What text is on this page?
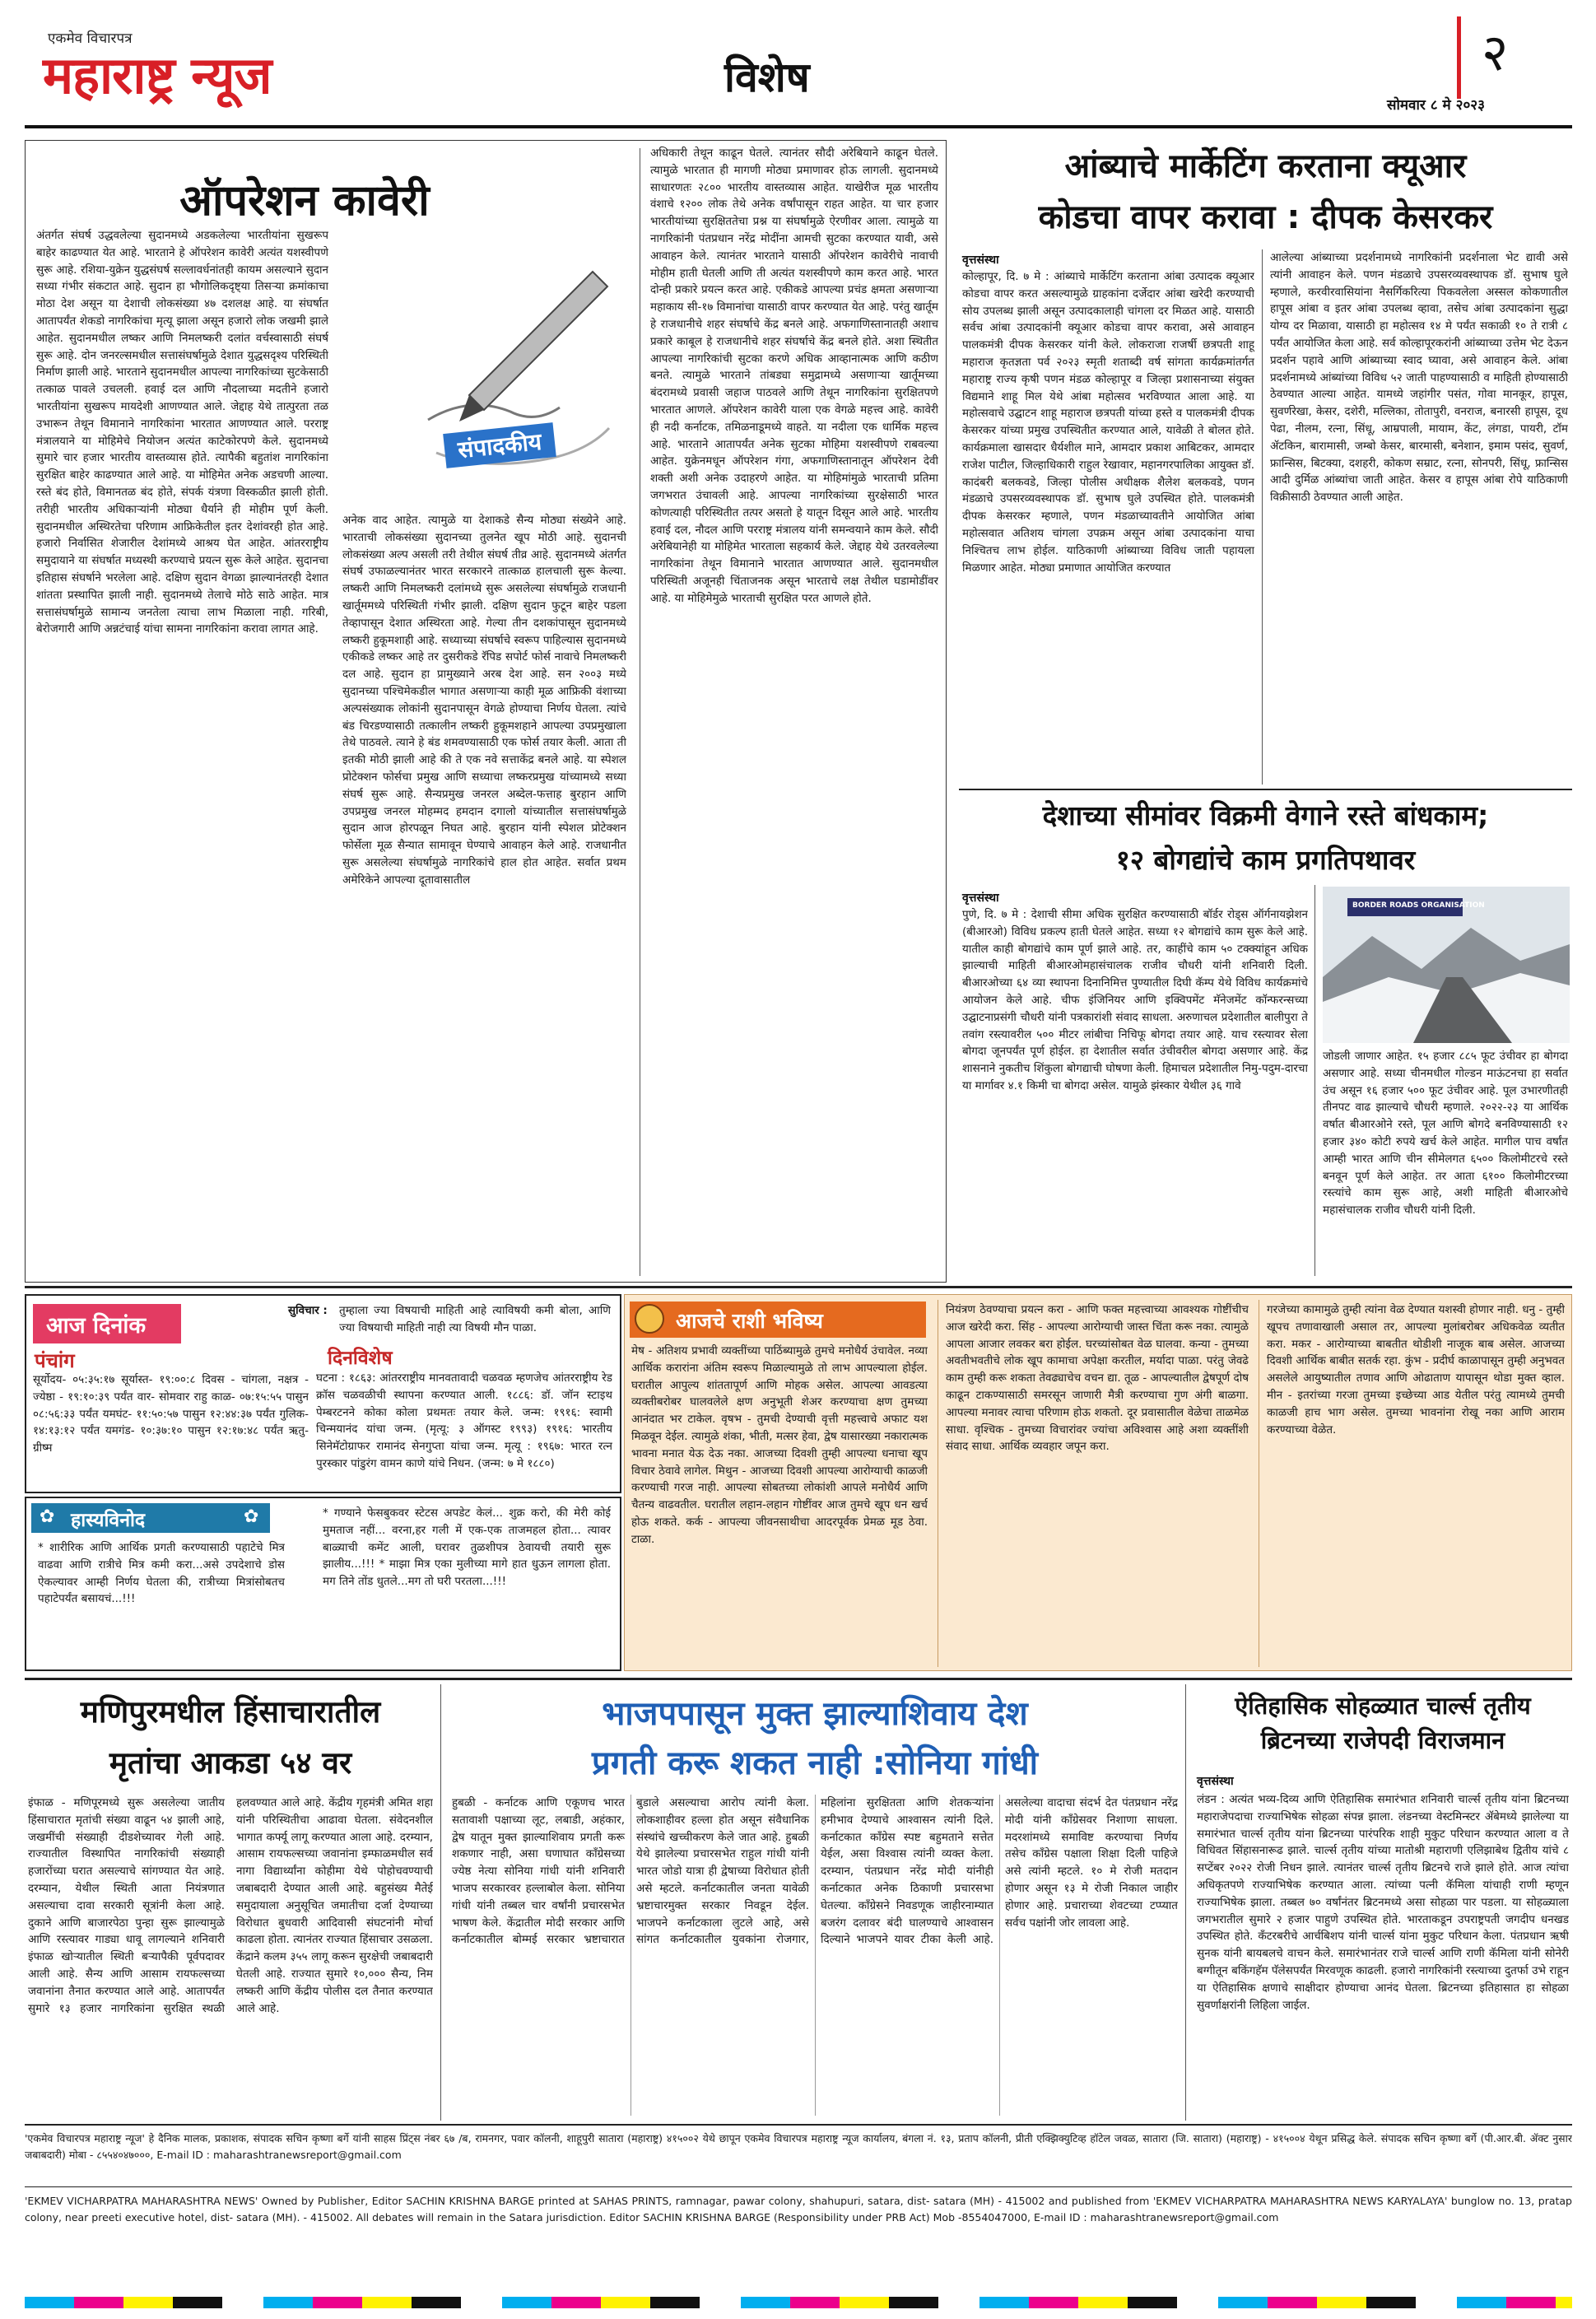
एकमेव विचारपत्र
महाराष्ट्र न्यूज	विशेष	२
सोमवार ८ मे २०२३
ऑपरेशन कावेरी
संपादकीय
अंतर्गत संघर्ष उद्धवलेल्या सुदानमध्ये अडकलेल्या भारतीयांना सुखरूप बाहेर काढण्यात येत आहे. भारताने हे ऑपरेशन कावेरी अत्यंत यशस्वीपणे सुरू आहे. रशिया-युक्रेन युद्धसंघर्ष सल्लावर्धनांतही कायम असल्याने सुदान सध्या गंभीर संकटात आहे. सुदान हा भौगोलिकदृष्ट्या तिसऱ्या क्रमांकाचा मोठा देश असून या देशाची लोकसंख्या ४७ दशलक्ष आहे. या संघर्षात आतापर्यंत शेकडो नागरिकांचा मृत्यू झाला असून हजारो लोक जखमी झाले आहेत. सुदानमधील लष्कर आणि निमलष्करी दलांत वर्चस्वासाठी संघर्ष सुरू आहे. दोन जनरल्समधील सत्तासंघर्षामुळे देशात युद्धसदृश्य परिस्थिती निर्माण झाली आहे. भारताने सुदानमधील आपल्या नागरिकांच्या सुटकेसाठी तत्काळ पावले उचलली. हवाई दल आणि नौदलाच्या मदतीने हजारो भारतीयांना सुखरूप मायदेशी आणण्यात आले. जेद्दाह येथे तात्पुरता तळ उभारून तेथून विमानाने नागरिकांना भारतात आणण्यात आले. परराष्ट्र मंत्रालयाने या मोहिमेचे नियोजन अत्यंत काटेकोरपणे केले. सुदानमध्ये सुमारे चार हजार भारतीय वास्तव्यास होते. त्यापैकी बहुतांश नागरिकांना सुरक्षित बाहेर काढण्यात आले आहे. या मोहिमेत अनेक अडचणी आल्या. रस्ते बंद होते, विमानतळ बंद होते, संपर्क यंत्रणा विस्कळीत झाली होती. तरीही भारतीय अधिकाऱ्यांनी मोठ्या धैर्याने ही मोहीम पूर्ण केली. सुदानमधील अस्थिरतेचा परिणाम आफ्रिकेतील इतर देशांवरही होत आहे. हजारो निर्वासित शेजारील देशांमध्ये आश्रय घेत आहेत. आंतरराष्ट्रीय समुदायाने या संघर्षात मध्यस्थी करण्याचे प्रयत्न सुरू केले आहेत. सुदानचा इतिहास संघर्षाने भरलेला आहे. दक्षिण सुदान वेगळा झाल्यानंतरही देशात शांतता प्रस्थापित झाली नाही. सुदानमध्ये तेलाचे मोठे साठे आहेत. मात्र सत्तासंघर्षामुळे सामान्य जनतेला त्याचा लाभ मिळाला नाही. गरिबी, बेरोजगारी आणि अन्नटंचाई यांचा सामना नागरिकांना करावा लागत आहे.
अनेक वाद आहेत. त्यामुळे या देशाकडे सैन्य मोठ्या संख्येने आहे. भारताची लोकसंख्या सुदानच्या तुलनेत खूप मोठी आहे. सुदानची लोकसंख्या अल्प असली तरी तेथील संघर्ष तीव्र आहे. सुदानमध्ये अंतर्गत संघर्ष उफाळल्यानंतर भारत सरकारने तात्काळ हालचाली सुरू केल्या. लष्करी आणि निमलष्करी दलांमध्ये सुरू असलेल्या संघर्षामुळे राजधानी खार्तूममध्ये परिस्थिती गंभीर झाली. दक्षिण सुदान फुटून बाहेर पडला तेव्हापासून देशात अस्थिरता आहे. गेल्या तीन दशकांपासून सुदानमध्ये लष्करी हुकूमशाही आहे. सध्याच्या संघर्षाचे स्वरूप पाहिल्यास सुदानमध्ये एकीकडे लष्कर आहे तर दुसरीकडे रॅपिड सपोर्ट फोर्स नावाचे निमलष्करी दल आहे. सुदान हा प्रामुख्याने अरब देश आहे. सन २००३ मध्ये सुदानच्या पश्चिमेकडील भागात असणाऱ्या काही मूळ आफ्रिकी वंशाच्या अल्पसंख्याक लोकांनी सुदानपासून वेगळे होण्याचा निर्णय घेतला. त्यांचे बंड चिरडण्यासाठी तत्कालीन लष्करी हुकूमशहाने आपल्या उपप्रमुखाला तेथे पाठवले. त्याने हे बंड शमवण्यासाठी एक फोर्स तयार केली. आता ती इतकी मोठी झाली आहे की ते एक नवे सत्ताकेंद्र बनले आहे. या स्पेशल प्रोटेक्शन फोर्सचा प्रमुख आणि सध्याचा लष्करप्रमुख यांच्यामध्ये सध्या संघर्ष सुरू आहे. सैन्यप्रमुख जनरल अब्देल-फत्ताह बुरहान आणि उपप्रमुख जनरल मोहम्मद हमदान दगालो यांच्यातील सत्तासंघर्षामुळे सुदान आज होरपळून निघत आहे. बुरहान यांनी स्पेशल प्रोटेक्शन फोर्सेला मूळ सैन्यात सामावून घेण्याचे आवाहन केले आहे. राजधानीत सुरू असलेल्या संघर्षामुळे नागरिकांचे हाल होत आहेत. सर्वात प्रथम अमेरिकेने आपल्या दूतावासातील
अधिकारी तेथून काढून घेतले. त्यानंतर सौदी अरेबियाने काढून घेतले. त्यामुळे भारतात ही मागणी मोठ्या प्रमाणावर होऊ लागली. सुदानमध्ये साधारणतः २८०० भारतीय वास्तव्यास आहेत. याखेरीज मूळ भारतीय वंशाचे १२०० लोक तेथे अनेक वर्षांपासून राहत आहेत. या चार हजार भारतीयांच्या सुरक्षिततेचा प्रश्न या संघर्षामुळे ऐरणीवर आला. त्यामुळे या नागरिकांनी पंतप्रधान नरेंद्र मोदींना आमची सुटका करण्यात यावी, असे आवाहन केले. त्यानंतर भारताने यासाठी ऑपरेशन कावेरीचे नावाची मोहीम हाती घेतली आणि ती अत्यंत यशस्वीपणे काम करत आहे. भारत दोन्ही प्रकारे प्रयत्न करत आहे. एकीकडे आपल्या प्रचंड क्षमता असणाऱ्या महाकाय सी-१७ विमानांचा यासाठी वापर करण्यात येत आहे. परंतु खार्तूम हे राजधानीचे शहर संघर्षाचे केंद्र बनले आहे. अफगाणिस्तानातही अशाच प्रकारे काबूल हे राजधानीचे शहर संघर्षाचे केंद्र बनले होते. अशा स्थितीत आपल्या नागरिकांची सुटका करणे अधिक आव्हानात्मक आणि कठीण बनते. त्यामुळे भारताने तांबड्या समुद्रामध्ये असणाऱ्या खार्तूमच्या बंदरामध्ये प्रवासी जहाज पाठवले आणि तेथून नागरिकांना सुरक्षितपणे भारतात आणले. ऑपरेशन कावेरी याला एक वेगळे महत्त्व आहे. कावेरी ही नदी कर्नाटक, तमिळनाडूमध्ये वाहते. या नदीला एक धार्मिक महत्त्व आहे. भारताने आतापर्यंत अनेक सुटका मोहिमा यशस्वीपणे राबवल्या आहेत. युक्रेनमधून ऑपरेशन गंगा, अफगाणिस्तानातून ऑपरेशन देवी शक्ती अशी अनेक उदाहरणे आहेत. या मोहिमांमुळे भारताची प्रतिमा जगभरात उंचावली आहे. आपल्या नागरिकांच्या सुरक्षेसाठी भारत कोणत्याही परिस्थितीत तत्पर असतो हे यातून दिसून आले आहे. भारतीय हवाई दल, नौदल आणि परराष्ट्र मंत्रालय यांनी समन्वयाने काम केले. सौदी अरेबियानेही या मोहिमेत भारताला सहकार्य केले. जेद्दाह येथे उतरवलेल्या नागरिकांना तेथून विमानाने भारतात आणण्यात आले. सुदानमधील परिस्थिती अजूनही चिंताजनक असून भारताचे लक्ष तेथील घडामोडींवर आहे. या मोहिमेमुळे भारताची सुरक्षित परत आणले होते.
आंब्याचे मार्केटिंग करताना क्यूआर
कोडचा वापर करावा : दीपक केसरकर
वृत्तसंस्था
कोल्हापूर, दि. ७ मे : आंब्याचे मार्केटिंग करताना आंबा उत्पादक क्यूआर कोडचा वापर करत असल्यामुळे ग्राहकांना दर्जेदार आंबा खरेदी करण्याची सोय उपलब्ध झाली असून उत्पादकालाही चांगला दर मिळत आहे. यासाठी सर्वच आंबा उत्पादकांनी क्यूआर कोडचा वापर करावा, असे आवाहन पालकमंत्री दीपक केसरकर यांनी केले. लोकराजा राजर्षी छत्रपती शाहू महाराज कृतज्ञता पर्व २०२३ स्मृती शताब्दी वर्ष सांगता कार्यक्रमांतर्गत महाराष्ट्र राज्य कृषी पणन मंडळ कोल्हापूर व जिल्हा प्रशासनाच्या संयुक्त विद्यमाने शाहू मिल येथे आंबा महोत्सव भरविण्यात आला आहे. या महोत्सवाचे उद्घाटन शाहू महाराज छत्रपती यांच्या हस्ते व पालकमंत्री दीपक केसरकर यांच्या प्रमुख उपस्थितीत करण्यात आले, यावेळी ते बोलत होते. कार्यक्रमाला खासदार धैर्यशील माने, आमदार प्रकाश आबिटकर, आमदार राजेश पाटील, जिल्हाधिकारी राहुल रेखावार, महानगरपालिका आयुक्त डॉ. कादंबरी बलकवडे, जिल्हा पोलीस अधीक्षक शैलेश बलकवडे, पणन मंडळाचे उपसरव्यवस्थापक डॉ. सुभाष घुले उपस्थित होते. पालकमंत्री दीपक केसरकर म्हणाले, पणन मंडळाच्यावतीने आयोजित आंबा महोत्सवात अतिशय चांगला उपक्रम असून आंबा उत्पादकांना याचा निश्चितच लाभ होईल. याठिकाणी आंब्याच्या विविध जाती पहायला मिळणार आहेत. मोठ्या प्रमाणात आयोजित करण्यात
आलेल्या आंब्याच्या प्रदर्शनामध्ये नागरिकांनी प्रदर्शनाला भेट द्यावी असे त्यांनी आवाहन केले. पणन मंडळाचे उपसरव्यवस्थापक डॉ. सुभाष घुले म्हणाले, करवीरवासियांना नैसर्गिकरित्या पिकवलेला अस्सल कोकणातील हापूस आंबा व इतर आंबा उपलब्ध व्हावा, तसेच आंबा उत्पादकांना सुद्धा योग्य दर मिळावा, यासाठी हा महोत्सव १४ मे पर्यंत सकाळी १० ते रात्री ८ पर्यंत आयोजित केला आहे. सर्व कोल्हापूरकरांनी आंब्याच्या उत्तेम भेट देऊन प्रदर्शन पहावे आणि आंब्याच्या स्वाद घ्यावा, असे आवाहन केले. आंबा प्रदर्शनामध्ये आंब्यांच्या विविध ५२ जाती पाहण्यासाठी व माहिती होण्यासाठी ठेवण्यात आल्या आहेत. यामध्ये जहांगीर पसंत, गोवा मानकूर, हापूस, सुवर्णरेखा, केसर, दशेरी, मल्लिका, तोतापुरी, वनराज, बनारसी हापूस, दूध पेढा, नीलम, रत्ना, सिंधू, आम्रपाली, मायाम, केंट, लंगडा, पायरी, टॉम ॲटकिन, बारामासी, जम्बो केसर, बारमासी, बनेशान, इमाम पसंद, सुवर्ण, फ्रान्सिस, बिटक्या, दशहरी, कोकण सम्राट, रत्ना, सोनपरी, सिंधू, फ्रान्सिस आदी दुर्मिळ आंब्यांचा जाती आहेत. केसर व हापूस आंबा रोपे याठिकाणी विक्रीसाठी ठेवण्यात आली आहेत.
देशाच्या सीमांवर विक्रमी वेगाने रस्ते बांधकाम;
१२ बोगद्यांचे काम प्रगतिपथावर
वृत्तसंस्था
पुणे, दि. ७ मे : देशाची सीमा अधिक सुरक्षित करण्यासाठी बॉर्डर रोड्स ऑर्गनायझेशन (बीआरओ) विविध प्रकल्प हाती घेतले आहेत. सध्या १२ बोगद्यांचे काम सुरू केले आहे. यातील काही बोगद्यांचे काम पूर्ण झाले आहे. तर, काहींचे काम ५० टक्क्यांहून अधिक झाल्याची माहिती बीआरओमहासंचालक राजीव चौधरी यांनी शनिवारी दिली. बीआरओच्या ६४ व्या स्थापना दिनानिमित्त पुण्यातील दिघी कॅम्प येथे विविध कार्यक्रमांचे आयोजन केले आहे. चीफ इंजिनियर आणि इक्विपमेंट मॅनेजमेंट कॉन्फरन्सच्या उद्घाटनाप्रसंगी चौधरी यांनी पत्रकारांशी संवाद साधला. अरुणाचल प्रदेशातील बालीपुरा ते तवांग रस्त्यावरील ५०० मीटर लांबीचा निचिफू बोगदा तयार आहे. याच रस्त्यावर सेला बोगदा जूनपर्यंत पूर्ण होईल. हा देशातील सर्वात उंचीवरील बोगदा असणार आहे. केंद्र शासनाने नुकतीच शिंकुला बोगद्याची घोषणा केली. हिमाचल प्रदेशातील निमु-पदुम-दारचा या मार्गावर ४.१ किमी चा बोगदा असेल. यामुळे झंस्कार येथील ३६ गावे
BORDER ROADS ORGANISATION
जोडली जाणार आहेत. १५ हजार ८८५ फूट उंचीवर हा बोगदा असणार आहे. सध्या चीनमधील गोल्डन माऊंटनचा हा सर्वात उंच असून १६ हजार ५०० फूट उंचीवर आहे. पूल उभारणीतही तीनपट वाढ झाल्याचे चौधरी म्हणाले. २०२२-२३ या आर्थिक वर्षात बीआरओने रस्ते, पूल आणि बोगदे बनविण्यासाठी १२ हजार ३४० कोटी रुपये खर्च केले आहेत. मागील पाच वर्षांत आम्ही भारत आणि चीन सीमेलगत ६५०० किलोमीटरचे रस्ते बनवून पूर्ण केले आहेत. तर आता ६१०० किलोमीटरच्या रस्त्यांचे काम सुरू आहे, अशी माहिती बीआरओचे महासंचालक राजीव चौधरी यांनी दिली.
आज दिनांक
सुविचार : तुम्हाला ज्या विषयाची माहिती आहे त्याविषयी कमी बोला, आणि ज्या विषयाची माहिती नाही त्या विषयी मौन पाळा.
पंचांग
सूर्योदय- ०५:३५:१७ सूर्यास्त- १९:००:८ दिवस - चांगला, नक्षत्र - ज्येष्ठा - १९:१०:३९ पर्यंत वार- सोमवार राहु काळ- ०७:१५:५५ पासुन ०८:५६:३३ पर्यंत यमघंट- ११:५०:५७ पासुन १२:४४:३७ पर्यंत गुलिक- १४:१३:१२ पर्यंत यमगंड- १०:३७:१० पासुन १२:१७:४८ पर्यंत ऋतु- ग्रीष्म
दिनविशेष
घटना : १८६३: आंतरराष्ट्रीय मानवतावादी चळवळ म्हणजेच आंतरराष्ट्रीय रेड क्रॉस चळवळीची स्थापना करण्यात आली. १८८६: डॉ. जॉन स्टाइथ पेम्बरटनने कोका कोला प्रथमतः तयार केले. जन्म: १९१६: स्वामी चिन्मयानंद यांचा जन्म. (मृत्यू: ३ ऑगस्ट १९९३) १९१६: भारतीय सिनेमॅटोग्राफर रामानंद सेनगुप्ता यांचा जन्म. मृत्यू : १९६७: भारत रत्न पुरस्कार पांडुरंग वामन काणे यांचे निधन. (जन्म: ७ मे १८८०)
✿ हास्यविनोद	✿
* शारीरिक आणि आर्थिक प्रगती करण्यासाठी पहाटेचे मित्र वाढवा आणि रात्रीचे मित्र कमी करा...असे उपदेशाचे डोस ऐकल्यावर आम्ही निर्णय घेतला की, रात्रीच्या मित्रांसोबतच पहाटेपर्यंत बसायचं...!!!
* गण्याने फेसबुकवर स्टेटस अपडेट केलं... शुक्र करो, की मेरी कोई मुमताज नहीं... वरना,हर गली में एक-एक ताजमहल होता... त्यावर बाळ्याची कमेंट आली, घरावर तुळशीपत्र ठेवायची तयारी सुरू झालीय...!!! * माझा मित्र एका मुलीच्या मागे हात धुऊन लागला होता. मग तिने तोंड धुतले...मग तो घरी परतला...!!!
आजचे राशी भविष्य
मेष - अतिशय प्रभावी व्यक्तींच्या पाठिंब्यामुळे तुमचे मनोधैर्य उंचावेल. नव्या आर्थिक करारांना अंतिम स्वरूप मिळाल्यामुळे तो लाभ आपल्याला होईल. घरातील आपुल्य शांततापूर्ण आणि मोहक असेल. आपल्या आवडत्या व्यक्तीबरोबर घालवलेले क्षण अनुभूती शेअर करण्याचा क्षण तुमच्या आनंदात भर टाकेल. वृषभ - तुमची देण्याची वृत्ती महत्त्वाचे अफाट यश मिळवून देईल. त्यामुळे शंका, भीती, मत्सर हेवा, द्वेष यासारख्या नकारात्मक भावना मनात येऊ देऊ नका. आजच्या दिवशी तुम्ही आपल्या धनाचा खूप विचार ठेवावे लागेल. मिथुन - आजच्या दिवशी आपल्या आरोग्याची काळजी करण्याची गरज नाही. आपल्या सोबतच्या लोकांशी आपले मनोधैर्य आणि चैतन्य वाढवतील. घरातील लहान-लहान गोष्टींवर आज तुमचे खूप धन खर्च होऊ शकते. कर्क - आपल्या जीवनसाथीचा आदरपूर्वक प्रेमळ मूड ठेवा. टाळा.
नियंत्रण ठेवण्याचा प्रयत्न करा - आणि फक्त महत्त्वाच्या आवश्यक गोष्टींचीच आज खरेदी करा. सिंह - आपल्या आरोग्याची जास्त चिंता करू नका. त्यामुळे आपला आजार लवकर बरा होईल. घरच्यांसोबत वेळ घालवा. कन्या - तुमच्या अवतीभवतीचे लोक खूप कामाचा अपेक्षा करतील, मर्यादा पाळा. परंतु जेवढे काम तुम्ही करू शकता तेवढ्याचेच वचन द्या. तूळ - आपल्यातील द्वेषपूर्ण दोष काढून टाकण्यासाठी समरसून जाणारी मैत्री करण्याचा गुण अंगी बाळगा. आपल्या मनावर त्याचा परिणाम होऊ शकतो. दूर प्रवासातील वेळेचा ताळमेळ साधा. वृश्चिक - तुमच्या विचारांवर ज्यांचा अविश्वास आहे अशा व्यक्तींशी संवाद साधा. आर्थिक व्यवहार जपून करा.
गरजेच्या कामामुळे तुम्ही त्यांना वेळ देण्यात यशस्वी होणार नाही. धनु - तुम्ही खूपच तणावाखाली असाल तर, आपल्या मुलांबरोबर अधिकवेळ व्यतीत करा. मकर - आरोग्याच्या बाबतीत थोडीशी नाजूक बाब असेल. आजच्या दिवशी आर्थिक बाबीत सतर्क रहा. कुंभ - प्रदीर्घ काळापासून तुम्ही अनुभवत असलेले आयुष्यातील तणाव आणि ओढाताण यापासून थोडा मुक्त व्हाल. मीन - इतरांच्या गरजा तुमच्या इच्छेच्या आड येतील परंतु त्यामध्ये तुमची काळजी हाच भाग असेल. तुमच्या भावनांना रोखू नका आणि आराम करण्याच्या वेळेत.
मणिपुरमधील हिंसाचारातील
मृतांचा आकडा ५४ वर
इंफाळ - मणिपूरमध्ये सुरू असलेल्या जातीय हिंसाचारात मृतांची संख्या वाढून ५४ झाली आहे, जखमींची संख्याही दीडशेच्यावर गेली आहे. राज्यातील विस्थापित नागरिकांची संख्याही हजारोंच्या घरात असल्याचे सांगण्यात येत आहे. दरम्यान, येथील स्थिती आता नियंत्रणात असल्याचा दावा सरकारी सूत्रांनी केला आहे. दुकाने आणि बाजारपेठा पुन्हा सुरू झाल्यामुळे आणि रस्त्यावर गाड्या धावू लागल्याने शनिवारी इंफाळ खोऱ्यातील स्थिती बऱ्यापैकी पूर्वपदावर आली आहे. सैन्य आणि आसाम रायफल्सच्या जवानांना तैनात करण्यात आले आहे. आतापर्यंत सुमारे १३ हजार नागरिकांना सुरक्षित स्थळी हलवण्यात आले आहे. केंद्रीय गृहमंत्री अमित शहा यांनी परिस्थितीचा आढावा घेतला. संवेदनशील भागात कर्फ्यू लागू करण्यात आला आहे. दरम्यान, आसाम रायफल्सच्या जवानांना इम्फाळमधील सर्व नागा विद्यार्थ्यांना कोहीमा येथे पोहोचवण्याची जबाबदारी देण्यात आली आहे. बहुसंख्य मैतेई समुदायाला अनुसूचित जमातीचा दर्जा देण्याच्या विरोधात बुधवारी आदिवासी संघटनांनी मोर्चा काढला होता. त्यानंतर राज्यात हिंसाचार उसळला. केंद्राने कलम ३५५ लागू करून सुरक्षेची जबाबदारी घेतली आहे. राज्यात सुमारे १०,००० सैन्य, निम लष्करी आणि केंद्रीय पोलीस दल तैनात करण्यात आले आहे.
भाजपपासून मुक्त झाल्याशिवाय देश
प्रगती करू शकत नाही :सोनिया गांधी
हुबळी - कर्नाटक आणि एकूणच भारत सतावाशी पक्षाच्या लूट, लबाडी, अहंकार, द्वेष यातून मुक्त झाल्याशिवाय प्रगती करू शकणार नाही, असा घणाघात काँग्रेसच्या ज्येष्ठ नेत्या सोनिया गांधी यांनी शनिवारी भाजप सरकारवर हल्लाबोल केला. सोनिया गांधी यांनी तब्बल चार वर्षांनी प्रचारसभेत भाषण केले. केंद्रातील मोदी सरकार आणि कर्नाटकातील बोम्मई सरकार भ्रष्टाचारात बुडाले असल्याचा आरोप त्यांनी केला. लोकशाहीवर हल्ला होत असून संवैधानिक संस्थांचे खच्चीकरण केले जात आहे. हुबळी येथे झालेल्या प्रचारसभेत राहुल गांधी यांनी भारत जोडो यात्रा ही द्वेषाच्या विरोधात होती असे म्हटले. कर्नाटकातील जनता यावेळी भ्रष्टाचारमुक्त सरकार निवडून देईल. भाजपने कर्नाटकाला लुटले आहे, असे सांगत कर्नाटकातील युवकांना रोजगार, महिलांना सुरक्षितता आणि शेतकऱ्यांना हमीभाव देण्याचे आश्वासन त्यांनी दिले. कर्नाटकात काँग्रेस स्पष्ट बहुमताने सत्तेत येईल, असा विश्वास त्यांनी व्यक्त केला. दरम्यान, पंतप्रधान नरेंद्र मोदी यांनीही कर्नाटकात अनेक ठिकाणी प्रचारसभा घेतल्या. काँग्रेसने निवडणूक जाहीरनाम्यात बजरंग दलावर बंदी घालण्याचे आश्वासन दिल्याने भाजपने यावर टीका केली आहे. असलेल्या वादाचा संदर्भ देत पंतप्रधान नरेंद्र मोदी यांनी काँग्रेसवर निशाणा साधला. मदरशांमध्ये समाविष्ट करण्याचा निर्णय तसेच काँग्रेस पक्षाला शिक्षा दिली पाहिजे असे त्यांनी म्हटले. १० मे रोजी मतदान होणार असून १३ मे रोजी निकाल जाहीर होणार आहे. प्रचाराच्या शेवटच्या टप्प्यात सर्वच पक्षांनी जोर लावला आहे.
ऐतिहासिक सोहळ्यात चार्ल्स तृतीय
ब्रिटनच्या राजेपदी विराजमान
वृत्तसंस्था
लंडन : अत्यंत भव्य-दिव्य आणि ऐतिहासिक समारंभात शनिवारी चार्ल्स तृतीय यांना ब्रिटनच्या महाराजेपदाचा राज्याभिषेक सोहळा संपन्न झाला. लंडनच्या वेस्टमिन्स्टर ॲबेमध्ये झालेल्या या समारंभात चार्ल्स तृतीय यांना ब्रिटनच्या पारंपरिक शाही मुकुट परिधान करण्यात आला व ते विधिवत सिंहासनारूढ झाले. चार्ल्स तृतीय यांच्या मातोश्री महाराणी एलिझाबेथ द्वितीय यांचे ८ सप्टेंबर २०२२ रोजी निधन झाले. त्यानंतर चार्ल्स तृतीय ब्रिटनचे राजे झाले होते. आज त्यांचा अधिकृतपणे राज्याभिषेक करण्यात आला. त्यांच्या पत्नी कॅमिला यांचाही राणी म्हणून राज्याभिषेक झाला. तब्बल ७० वर्षांनंतर ब्रिटनमध्ये असा सोहळा पार पडला. या सोहळ्याला जगभरातील सुमारे २ हजार पाहुणे उपस्थित होते. भारताकडून उपराष्ट्रपती जगदीप धनखड उपस्थित होते. कँटरबरीचे आर्चबिशप यांनी चार्ल्स यांना मुकुट परिधान केला. पंतप्रधान ऋषी सुनक यांनी बायबलचे वाचन केले. समारंभानंतर राजे चार्ल्स आणि राणी कॅमिला यांनी सोनेरी बग्गीतून बकिंगहॅम पॅलेसपर्यंत मिरवणूक काढली. हजारो नागरिकांनी रस्त्याच्या दुतर्फा उभे राहून या ऐतिहासिक क्षणाचे साक्षीदार होण्याचा आनंद घेतला. ब्रिटनच्या इतिहासात हा सोहळा सुवर्णाक्षरांनी लिहिला जाईल.
'एकमेव विचारपत्र महाराष्ट्र न्यूज' हे दैनिक मालक, प्रकाशक, संपादक सचिन कृष्णा बर्गे यांनी साहस प्रिंट्स नंबर ६७ /ब, रामनगर, पवार कॉलनी, शाहूपुरी सातारा (महाराष्ट्र) ४१५००२ येथे छापून एकमेव विचारपत्र महाराष्ट्र न्यूज कार्यालय, बंगला नं. १३, प्रताप कॉलनी, प्रीती एक्झिक्युटिव्ह हॉटेल जवळ, सातारा (जि. सातारा) (महाराष्ट्र) - ४१५००४ येथून प्रसिद्ध केले. संपादक सचिन कृष्णा बर्गे (पी.आर.बी. ॲक्ट नुसार जबाबदारी) मोबा - ८५५४०४७०००, E-mail ID : maharashtranewsreport@gmail.com
'EKMEV VICHARPATRA MAHARASHTRA NEWS' Owned by Publisher, Editor SACHIN KRISHNA BARGE printed at SAHAS PRINTS, ramnagar, pawar colony, shahupuri, satara, dist- satara (MH) - 415002 and published from 'EKMEV VICHARPATRA MAHARASHTRA NEWS KARYALAYA' bunglow no. 13, pratap colony, near preeti executive hotel, dist- satara (MH). - 415002. All debates will remain in the Satara jurisdiction. Editor SACHIN KRISHNA BARGE (Responsibility under PRB Act) Mob -8554047000, E-mail ID : maharashtranewsreport@gmail.com
